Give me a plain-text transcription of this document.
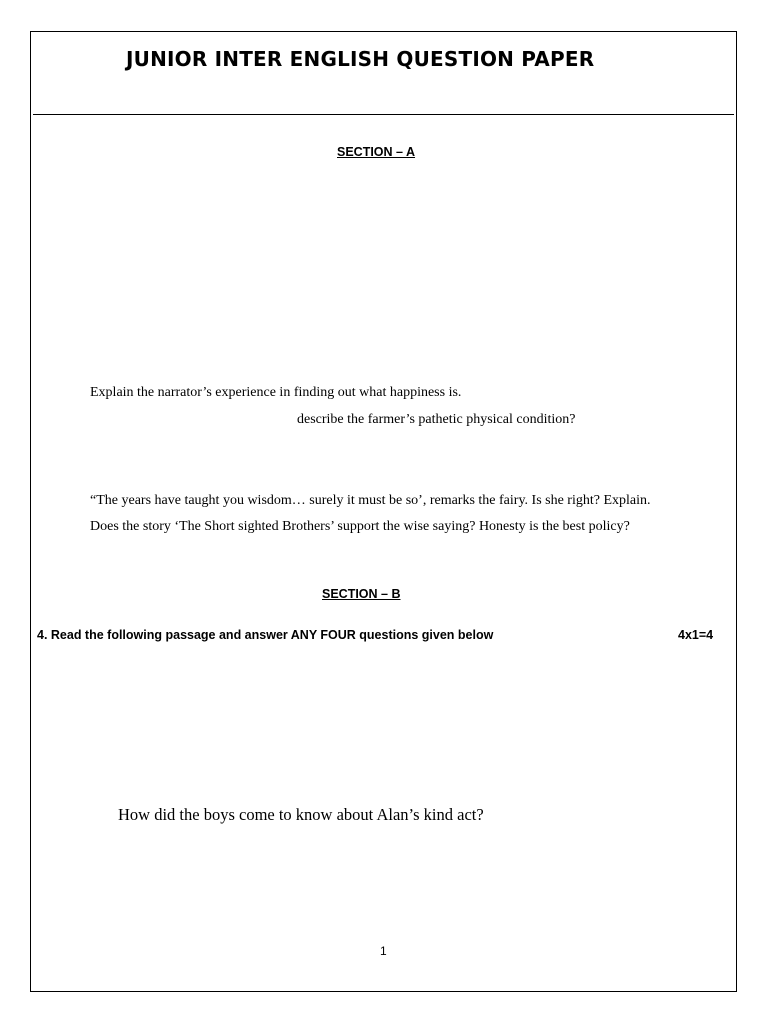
JUNIOR INTER ENGLISH QUESTION PAPER
SECTION – A
Explain the narrator’s experience in finding out what happiness is.
describe the farmer’s pathetic physical condition?
“The years have taught you wisdom… surely it must be so’, remarks the fairy. Is she right? Explain.
Does the story ‘The Short sighted Brothers’ support the wise saying? Honesty is the best policy?
SECTION – B
4. Read the following passage and answer ANY FOUR questions given below	4x1=4
How did the boys come to know about Alan’s kind act?
1
